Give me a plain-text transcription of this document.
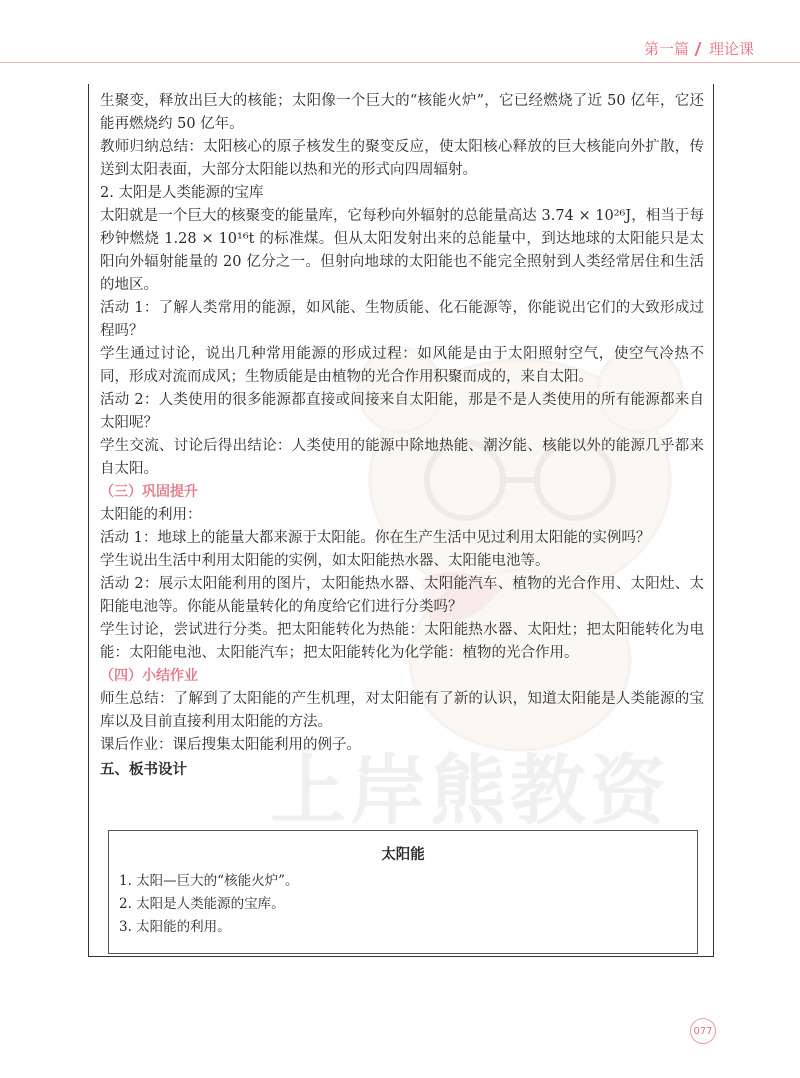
第一篇 理论课
上岸熊教资

生聚变，释放出巨大的核能；太阳像一个巨大的“核能火炉”，它已经燃烧了近 50 亿年，它还能再燃烧约 50 亿年。

教师归纳总结：太阳核心的原子核发生的聚变反应，使太阳核心释放的巨大核能向外扩散，传送到太阳表面，大部分太阳能以热和光的形式向四周辐射。

2. 太阳是人类能源的宝库

太阳就是一个巨大的核聚变的能量库，它每秒向外辐射的总能量高达 3.74 × 10²⁶J，相当于每秒钟燃烧 1.28 × 10¹⁶t 的标准煤。但从太阳发射出来的总能量中，到达地球的太阳能只是太阳向外辐射能量的 20 亿分之一。但射向地球的太阳能也不能完全照射到人类经常居住和生活的地区。

活动 1：了解人类常用的能源，如风能、生物质能、化石能源等，你能说出它们的大致形成过程吗？

学生通过讨论，说出几种常用能源的形成过程：如风能是由于太阳照射空气，使空气冷热不同，形成对流而成风；生物质能是由植物的光合作用积聚而成的，来自太阳。

活动 2：人类使用的很多能源都直接或间接来自太阳能，那是不是人类使用的所有能源都来自太阳呢？

学生交流、讨论后得出结论：人类使用的能源中除地热能、潮汐能、核能以外的能源几乎都来自太阳。

（三）巩固提升

太阳能的利用：

活动 1：地球上的能量大都来源于太阳能。你在生产生活中见过利用太阳能的实例吗？

学生说出生活中利用太阳能的实例，如太阳能热水器、太阳能电池等。

活动 2：展示太阳能利用的图片，太阳能热水器、太阳能汽车、植物的光合作用、太阳灶、太阳能电池等。你能从能量转化的角度给它们进行分类吗？

学生讨论，尝试进行分类。把太阳能转化为热能：太阳能热水器、太阳灶；把太阳能转化为电能：太阳能电池、太阳能汽车；把太阳能转化为化学能：植物的光合作用。

（四）小结作业

师生总结：了解到了太阳能的产生机理，对太阳能有了新的认识，知道太阳能是人类能源的宝库以及目前直接利用太阳能的方法。

课后作业：课后搜集太阳能利用的例子。

五、板书设计

太阳能
1. 太阳—巨大的“核能火炉”。
2. 太阳是人类能源的宝库。
3. 太阳能的利用。
077
